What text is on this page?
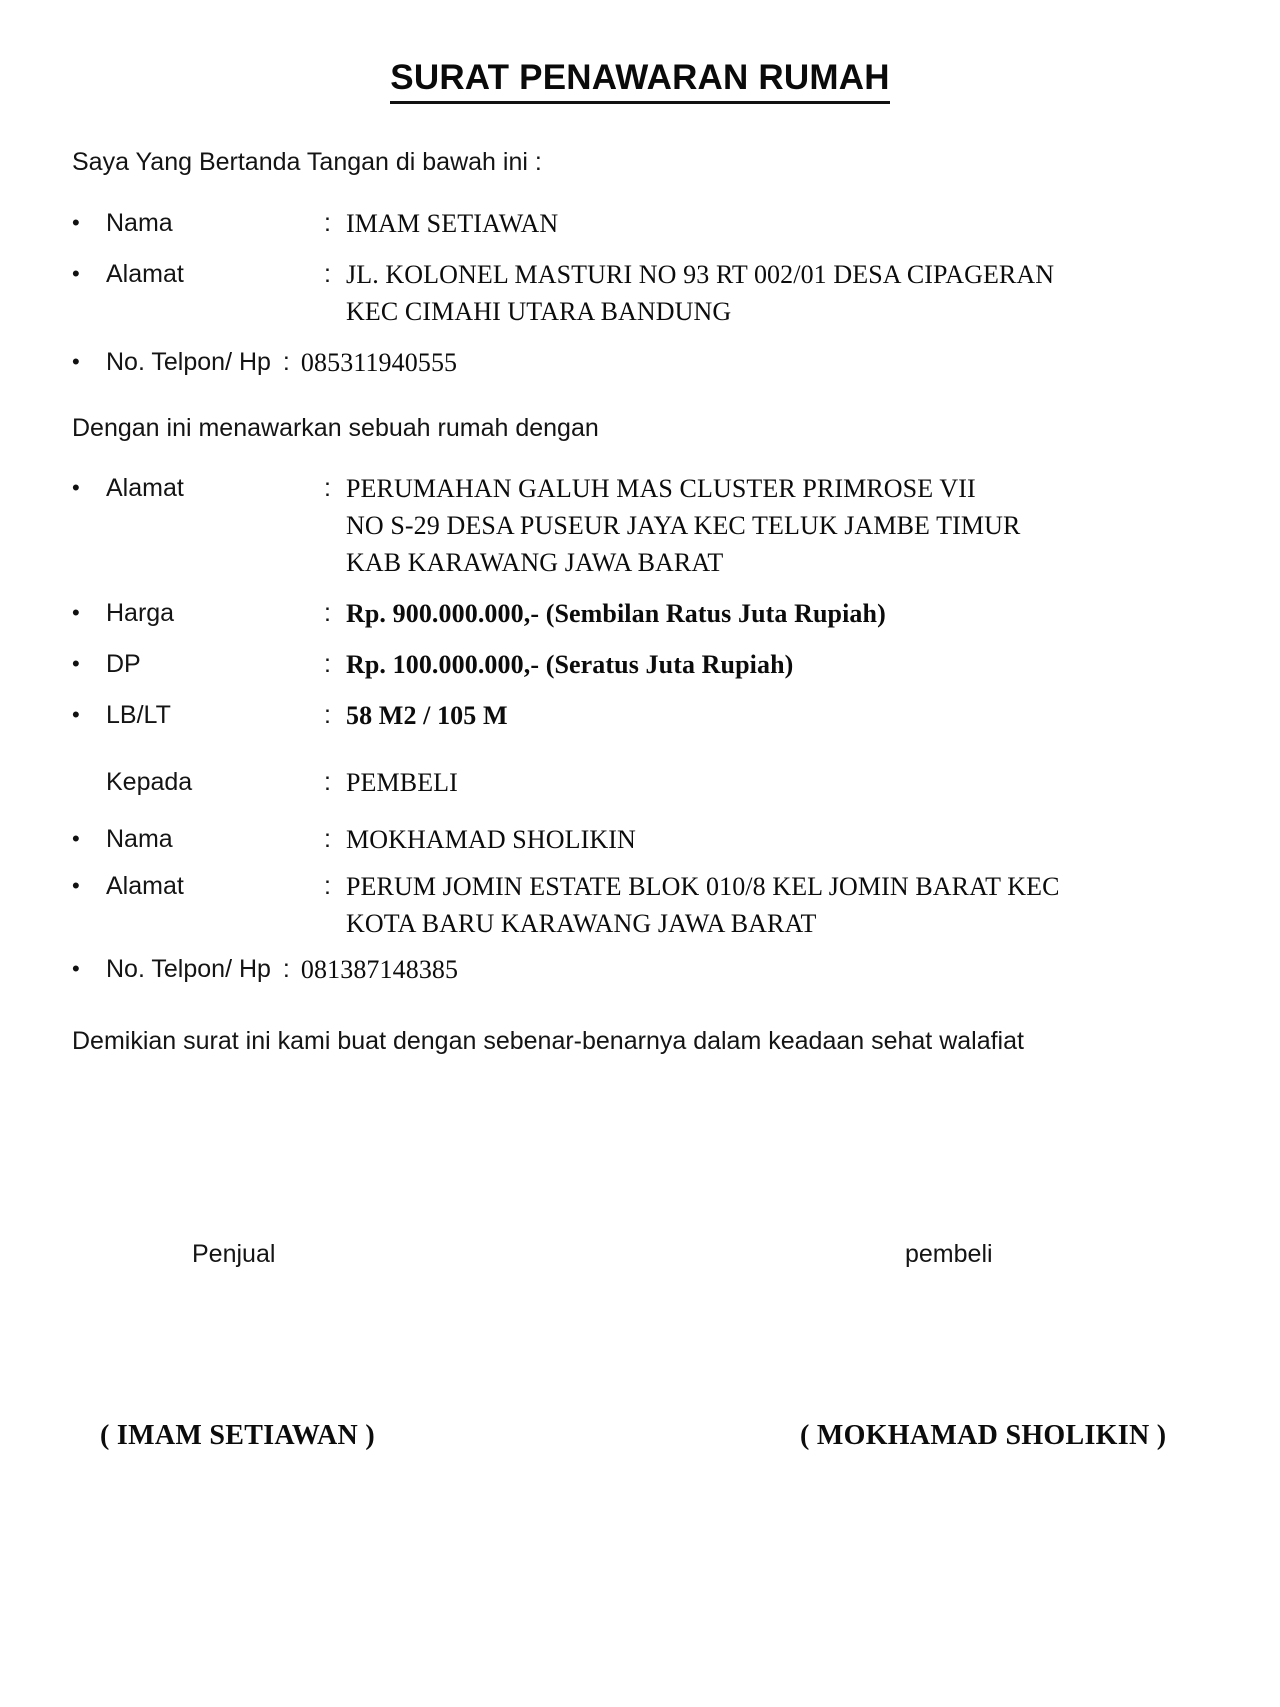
SURAT PENAWARAN RUMAH
Saya Yang Bertanda Tangan di bawah ini :
•	Nama	: IMAM SETIAWAN
•	Alamat	: JL. KOLONEL MASTURI NO 93 RT 002/01 DESA CIPAGERAN
KEC CIMAHI UTARA BANDUNG
•	No. Telpon/ Hp : 085311940555
Dengan ini menawarkan sebuah rumah dengan
•	Alamat	: PERUMAHAN GALUH MAS CLUSTER PRIMROSE VII
NO S-29 DESA PUSEUR JAYA KEC TELUK JAMBE TIMUR
KAB KARAWANG JAWA BARAT
•	Harga	: Rp. 900.000.000,- (Sembilan Ratus Juta Rupiah)
•	DP	: Rp. 100.000.000,- (Seratus Juta Rupiah)
•	LB/LT	: 58 M2 / 105 M
Kepada	: PEMBELI
•	Nama	: MOKHAMAD SHOLIKIN
•	Alamat	: PERUM JOMIN ESTATE BLOK 010/8 KEL JOMIN BARAT KEC
KOTA BARU KARAWANG JAWA BARAT
•	No. Telpon/ Hp : 081387148385
Demikian surat ini kami buat dengan sebenar-benarnya dalam keadaan sehat walafiat
Penjual	pembeli
( IMAM SETIAWAN )	( MOKHAMAD SHOLIKIN )
